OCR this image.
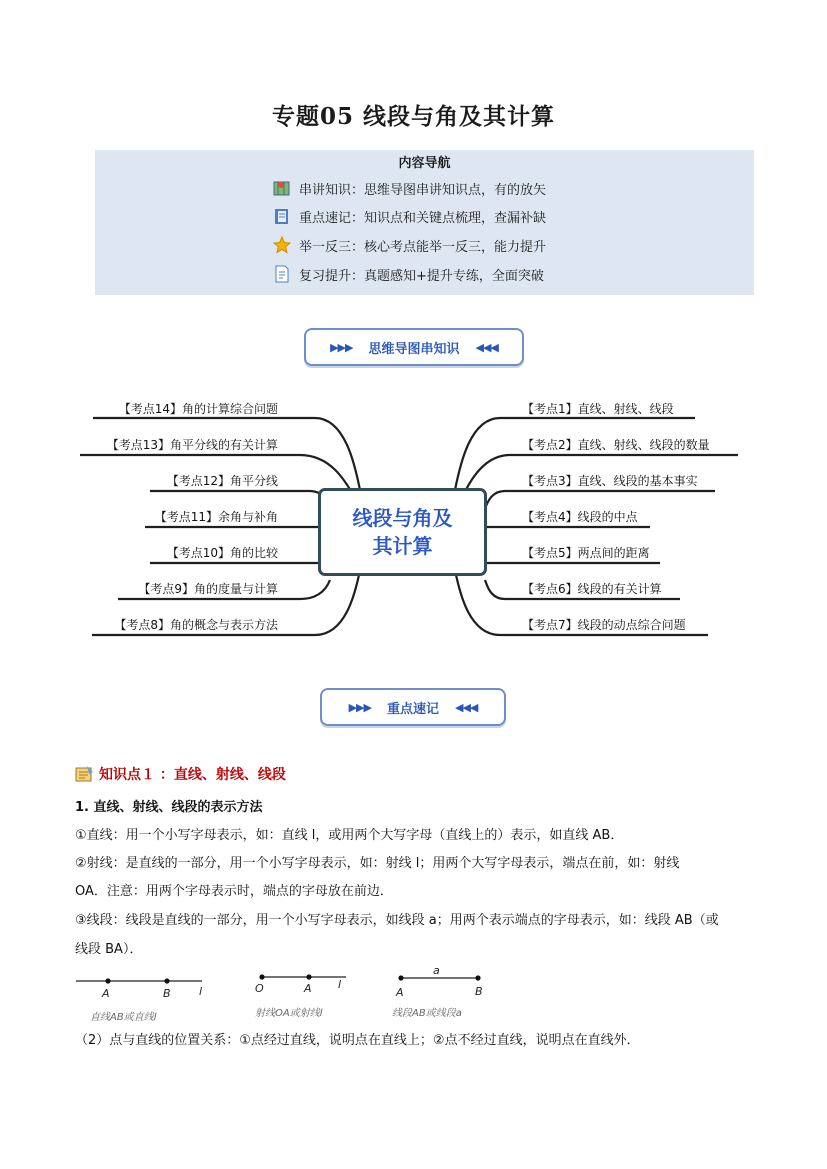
专题05 线段与角及其计算
内容导航
串讲知识：思维导图串讲知识点，有的放矢
重点速记：知识点和关键点梳理，查漏补缺
举一反三：核心考点能举一反三，能力提升
复习提升：真题感知+提升专练，全面突破
▶▶▶ 思维导图串知识 ◀◀◀
线段与角及
其计算
【考点14】角的计算综合问题
【考点13】角平分线的有关计算
【考点12】角平分线
【考点11】余角与补角
【考点10】角的比较
【考点9】角的度量与计算
【考点8】角的概念与表示方法
【考点1】直线、射线、线段
【考点2】直线、射线、线段的数量
【考点3】直线、线段的基本事实
【考点4】线段的中点
【考点5】两点间的距离
【考点6】线段的有关计算
【考点7】线段的动点综合问题
▶▶▶ 重点速记 ◀◀◀
知识点１ ：直线、射线、线段
1. 直线、射线、线段的表示方法
①直线：用一个小写字母表示，如：直线 l，或用两个大写字母（直线上的）表示，如直线 AB．
②射线：是直线的一部分，用一个小写字母表示，如：射线 l；用两个大写字母表示，端点在前，如：射线
OA．注意：用两个字母表示时，端点的字母放在前边．
③线段：线段是直线的一部分，用一个小写字母表示，如线段 a；用两个表示端点的字母表示，如：线段 AB（或
线段 BA）．
A	B	l
直线AB或直线l
O	A l
射线OA或射线l
a
A	B
线段AB或线段a
（2）点与直线的位置关系：①点经过直线，说明点在直线上；②点不经过直线，说明点在直线外．
